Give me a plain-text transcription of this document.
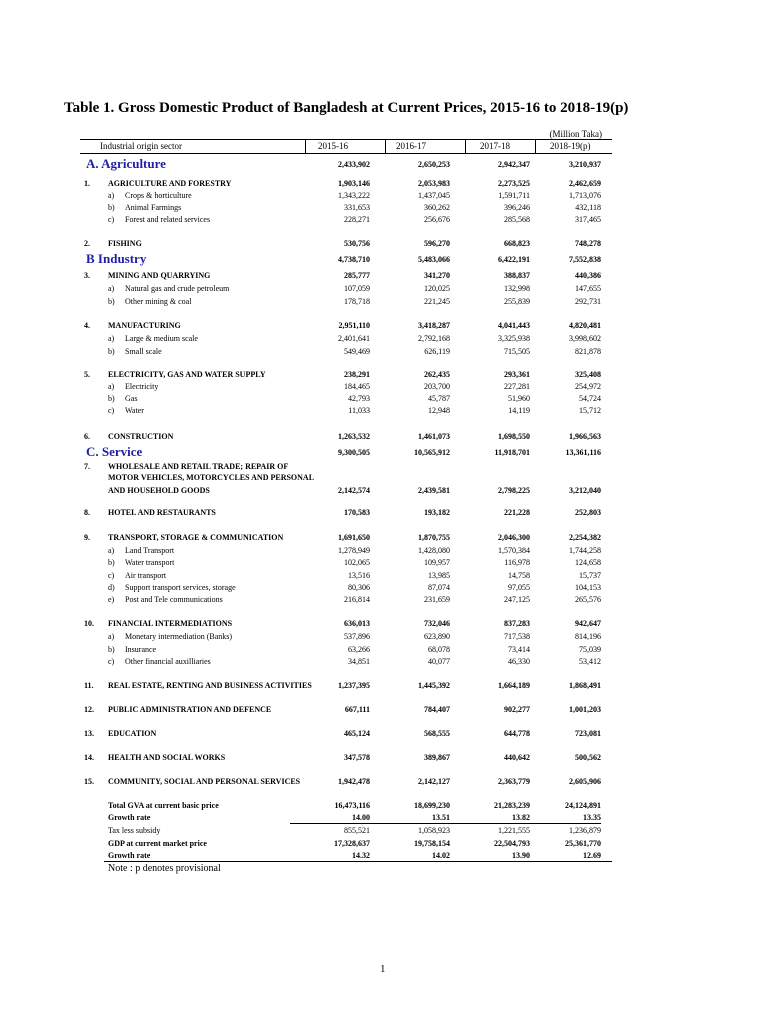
Table 1. Gross Domestic Product of Bangladesh at Current Prices, 2015-16 to 2018-19(p)
(Million Taka)
Industrial origin sector	2015-16	2016-17	2017-18	2018-19(p)
A. Agriculture	2,433,902	2,650,253	2,942,347	3,210,937
1. AGRICULTURE AND FORESTRY	1,903,146	2,053,983	2,273,525	2,462,659
a) Crops & horticulture	1,343,222	1,437,045	1,591,711	1,713,076
b) Animal Farmings	331,653	360,262	396,246	432,118
c) Forest and related services	228,271	256,676	285,568	317,465
2. FISHING	530,756	596,270	668,823	748,278
B Industry	4,738,710	5,483,066	6,422,191	7,552,838
3. MINING AND QUARRYING	285,777	341,270	388,837	440,386
a) Natural gas and crude petroleum	107,059	120,025	132,998	147,655
b) Other mining & coal	178,718	221,245	255,839	292,731
4. MANUFACTURING	2,951,110	3,418,287	4,041,443	4,820,481
a) Large & medium scale	2,401,641	2,792,168	3,325,938	3,998,602
b) Small scale	549,469	626,119	715,505	821,878
5. ELECTRICITY, GAS AND WATER SUPPLY	238,291	262,435	293,361	325,408
a) Electricity	184,465	203,700	227,281	254,972
b) Gas	42,793	45,787	51,960	54,724
c) Water	11,033	12,948	14,119	15,712
6. CONSTRUCTION	1,263,532	1,461,073	1,698,550	1,966,563
C. Service	9,300,505	10,565,912	11,918,701	13,361,116
7. WHOLESALE AND RETAIL TRADE; REPAIR OF
MOTOR VEHICLES, MOTORCYCLES AND PERSONAL
AND HOUSEHOLD GOODS	2,142,574	2,439,581	2,798,225	3,212,040
8. HOTEL AND RESTAURANTS	170,583	193,182	221,228	252,803
9. TRANSPORT, STORAGE & COMMUNICATION	1,691,650	1,870,755	2,046,300	2,254,382
a) Land Transport	1,278,949	1,428,080	1,570,384	1,744,258
b) Water transport	102,065	109,957	116,978	124,658
c) Air transport	13,516	13,985	14,758	15,737
d) Support transport services, storage	80,306	87,074	97,055	104,153
e) Post and Tele communications	216,814	231,659	247,125	265,576
10. FINANCIAL INTERMEDIATIONS	636,013	732,046	837,283	942,647
a) Monetary intermediation (Banks)	537,896	623,890	717,538	814,196
b) Insurance	63,266	68,078	73,414	75,039
c) Other financial auxilliaries	34,851	40,077	46,330	53,412
11. REAL ESTATE, RENTING AND BUSINESS ACTIVITIES	1,237,395	1,445,392	1,664,189	1,868,491
12. PUBLIC ADMINISTRATION AND DEFENCE	667,111	784,407	902,277	1,001,203
13. EDUCATION	465,124	568,555	644,778	723,081
14. HEALTH AND SOCIAL WORKS	347,578	389,867	440,642	500,562
15. COMMUNITY, SOCIAL AND PERSONAL SERVICES	1,942,478	2,142,127	2,363,779	2,605,906
Total GVA at current basic price	16,473,116	18,699,230	21,283,239	24,124,891
Growth rate	14.00	13.51	13.82	13.35
Tax less subsidy	855,521	1,058,923	1,221,555	1,236,879
GDP at current market price	17,328,637	19,758,154	22,504,793	25,361,770
Growth rate	14.32	14.02	13.90	12.69
Note : p denotes provisional
1
